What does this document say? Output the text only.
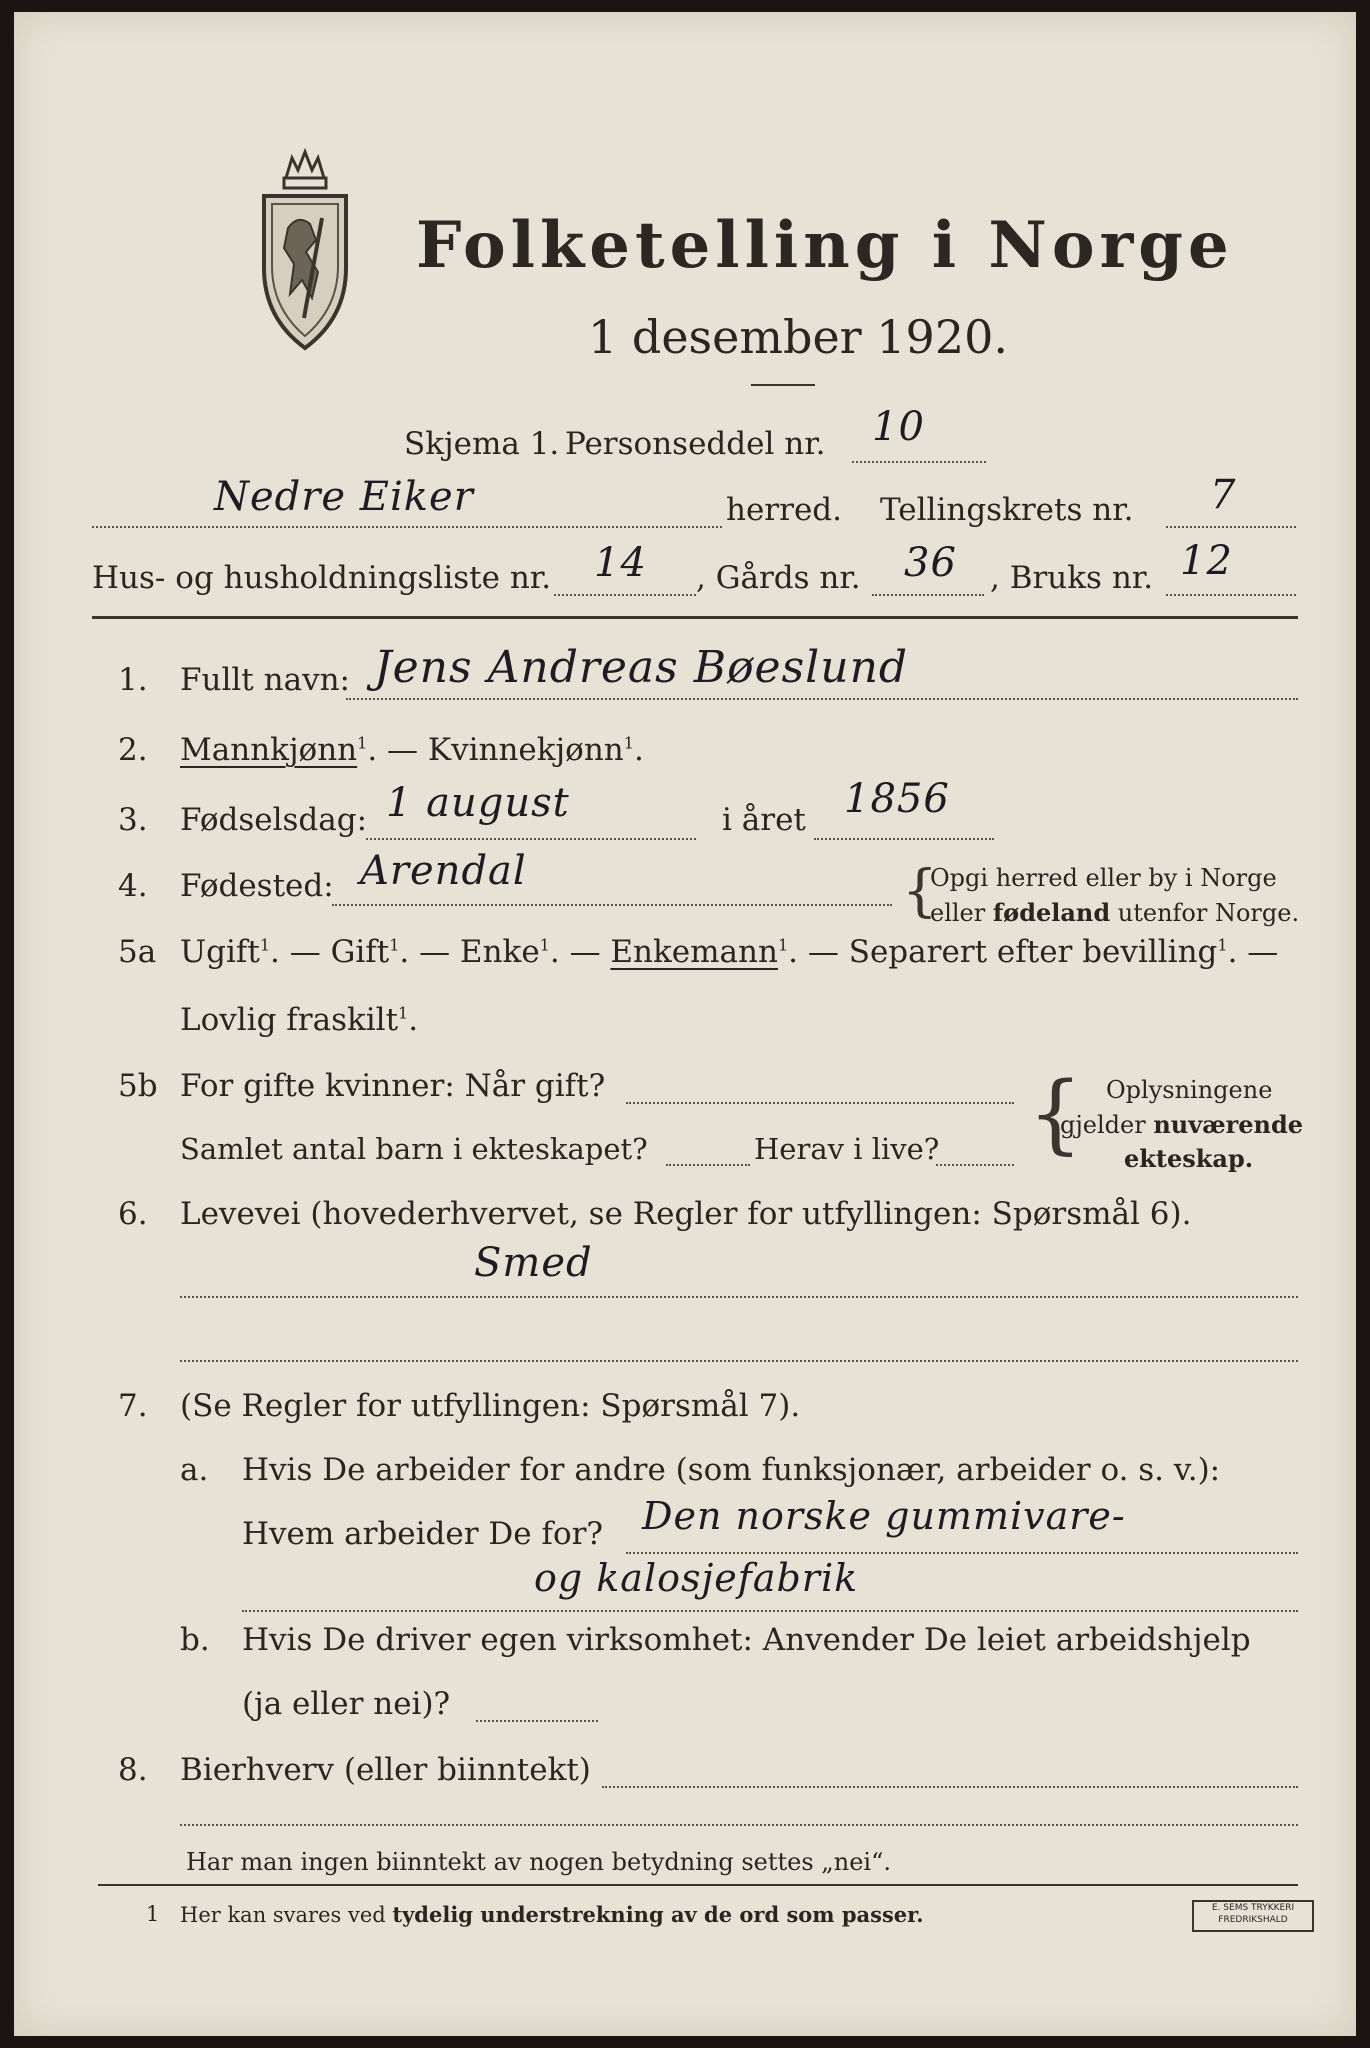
Folketelling i Norge
1 desember 1920.
Skjema 1. Personseddel nr. 10
Nedre Eiker	herred. Tellingskrets nr. 7
Hus- og husholdningsliste nr. 14 , Gårds nr. 36 , Bruks nr. 12
1. Fullt navn: Jens Andreas Bøeslund
2. Mannkjønn$^1$. — Kvinnekjønn$^1$.
3. Fødselsdag: 1 august	i året 1856
4. Fødested: Arendal	{
Opgi herred eller by i Norge
eller fødeland utenfor Norge.
5a Ugift$^1$. — Gift$^1$. — Enke$^1$. — Enkemann$^1$. — Separert efter bevilling$^1$. —
Lovlig fraskilt$^1$.
5b For gifte kvinner: Når gift?
Samlet antal barn i ekteskapet?	Herav i live? { Oplysningene
gjelder nuværende
ekteskap.
6. Levevei (hovederhvervet, se Regler for utfyllingen: Spørsmål 6).
Smed
7. (Se Regler for utfyllingen: Spørsmål 7).
a. Hvis De arbeider for andre (som funksjonær, arbeider o. s. v.):
Hvem arbeider De for? Den norske gummivare-
og kalosjefabrik
b. Hvis De driver egen virksomhet: Anvender De leiet arbeidshjelp
(ja eller nei)?
8. Bierhverv (eller biinntekt)
Har man ingen biinntekt av nogen betydning settes „nei“.
1 Her kan svares ved tydelig understrekning av de ord som passer.	E. SEMS TRYKKERI FREDRIKSHALD
